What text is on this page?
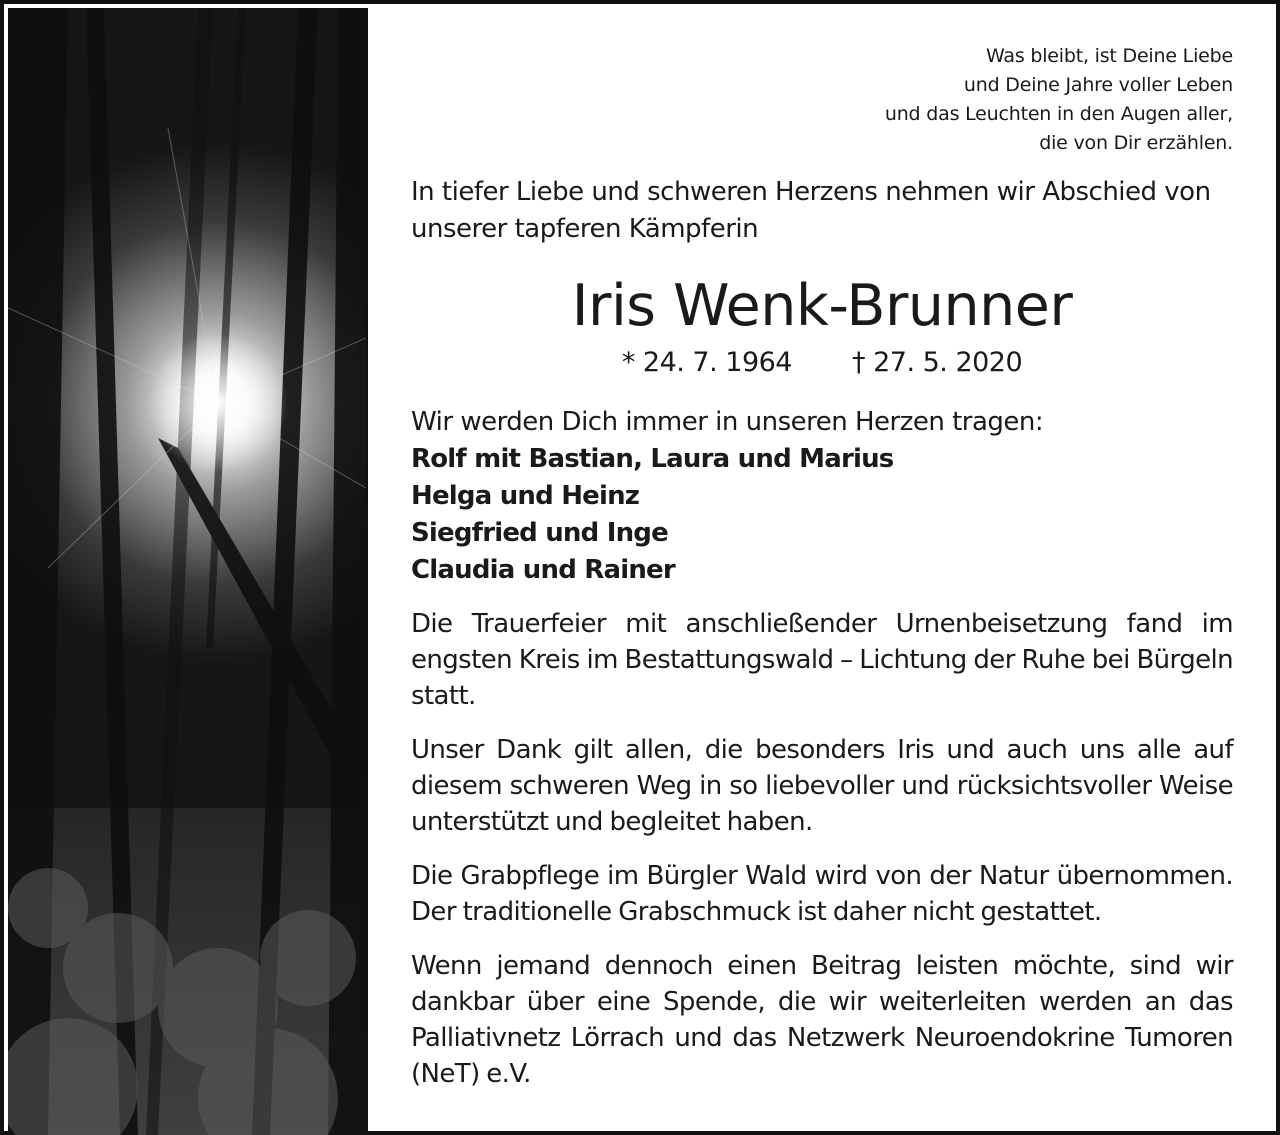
Was bleibt, ist Deine Liebe
und Deine Jahre voller Leben
und das Leuchten in den Augen aller,
die von Dir erzählen.
In tiefer Liebe und schweren Herzens nehmen wir Abschied von
unserer tapferen Kämpferin
Iris Wenk-Brunner
* 24. 7. 1964 † 27. 5. 2020
Wir werden Dich immer in unseren Herzen tragen:
Rolf mit Bastian, Laura und Marius
Helga und Heinz
Siegfried und Inge
Claudia und Rainer

Die Trauerfeier mit anschließender Urnenbeisetzung fand im engsten Kreis im Bestattungswald – Lichtung der Ruhe bei Bürgeln statt.

Unser Dank gilt allen, die besonders Iris und auch uns alle auf diesem schweren Weg in so liebevoller und rücksichtsvoller Weise unterstützt und begleitet haben.

Die Grabpflege im Bürgler Wald wird von der Natur übernommen. Der traditionelle Grabschmuck ist daher nicht gestattet.

Wenn jemand dennoch einen Beitrag leisten möchte, sind wir dankbar über eine Spende, die wir weiterleiten werden an das Palliativnetz Lörrach und das Netzwerk Neuroendokrine Tumoren (NeT) e.V.
